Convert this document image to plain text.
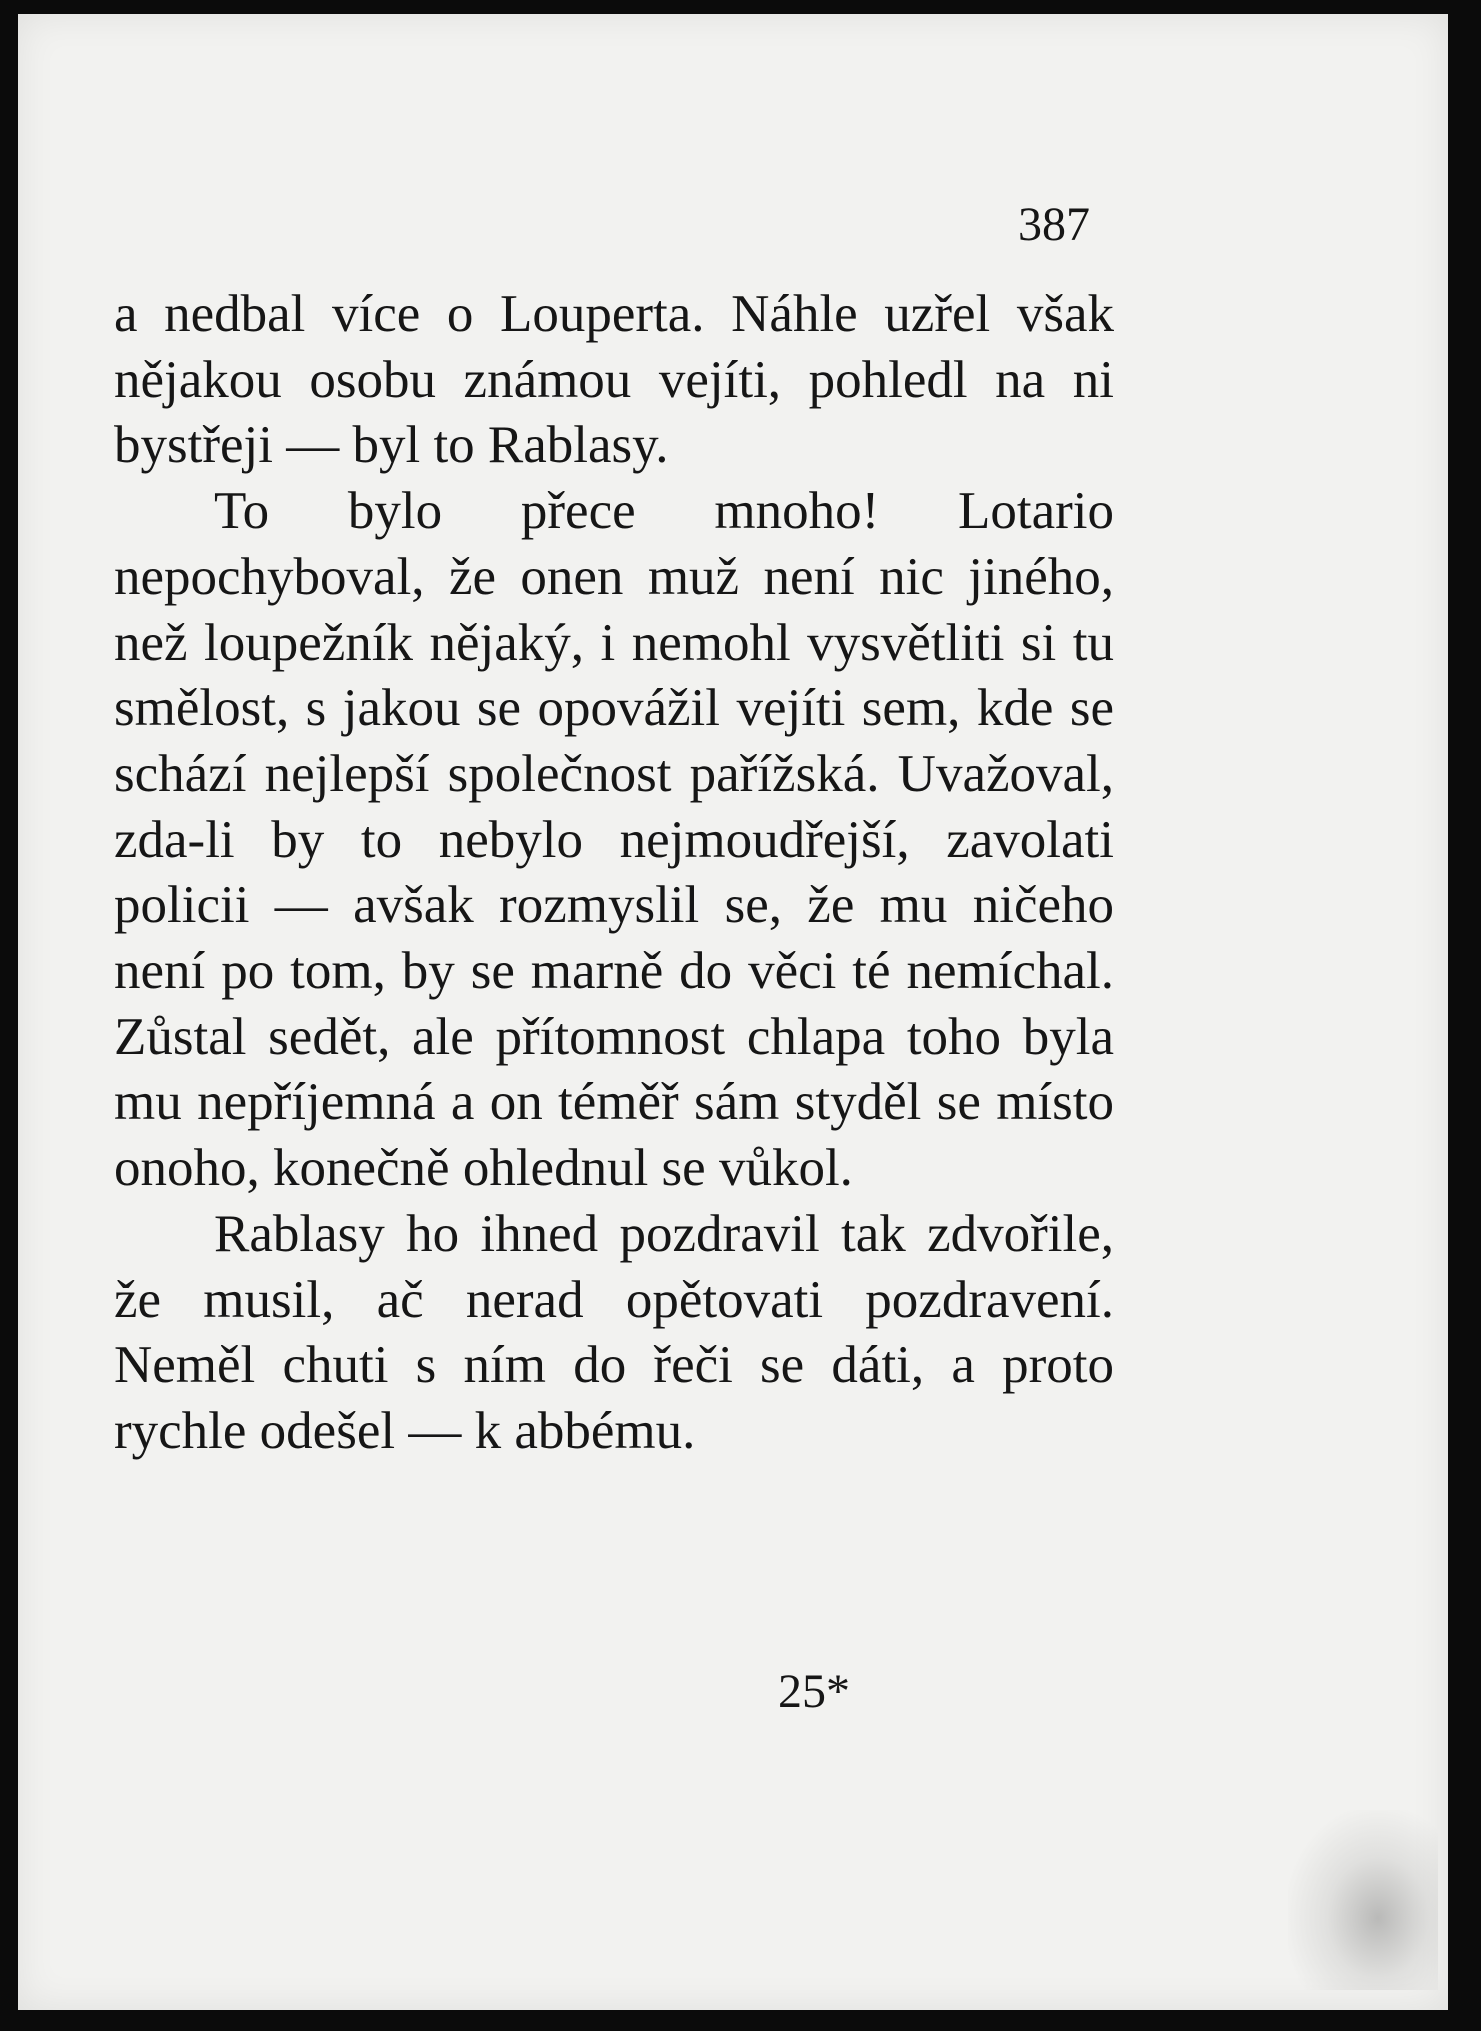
387

a nedbal více o Louperta. Náhle uzřel však nějakou osobu známou vejíti, pohledl na ni bystřeji — byl to Rablasy.

To bylo přece mnoho! Lotario nepochyboval, že onen muž není nic jiného, než loupežník nějaký, i nemohl vysvětliti si tu smělost, s jakou se opovážil vejíti sem, kde se schází nejlepší společnost pařížská. Uvažoval, zda-li by to nebylo nejmoudřejší, zavolati policii — avšak rozmyslil se, že mu ničeho není po tom, by se marně do věci té nemíchal. Zůstal sedět, ale přítomnost chlapa toho byla mu nepříjemná a on téměř sám styděl se místo onoho, konečně ohlednul se vůkol.

Rablasy ho ihned pozdravil tak zdvořile, že musil, ač nerad opětovati pozdravení. Neměl chuti s ním do řeči se dáti, a proto rychle odešel — k abbému.

25*
